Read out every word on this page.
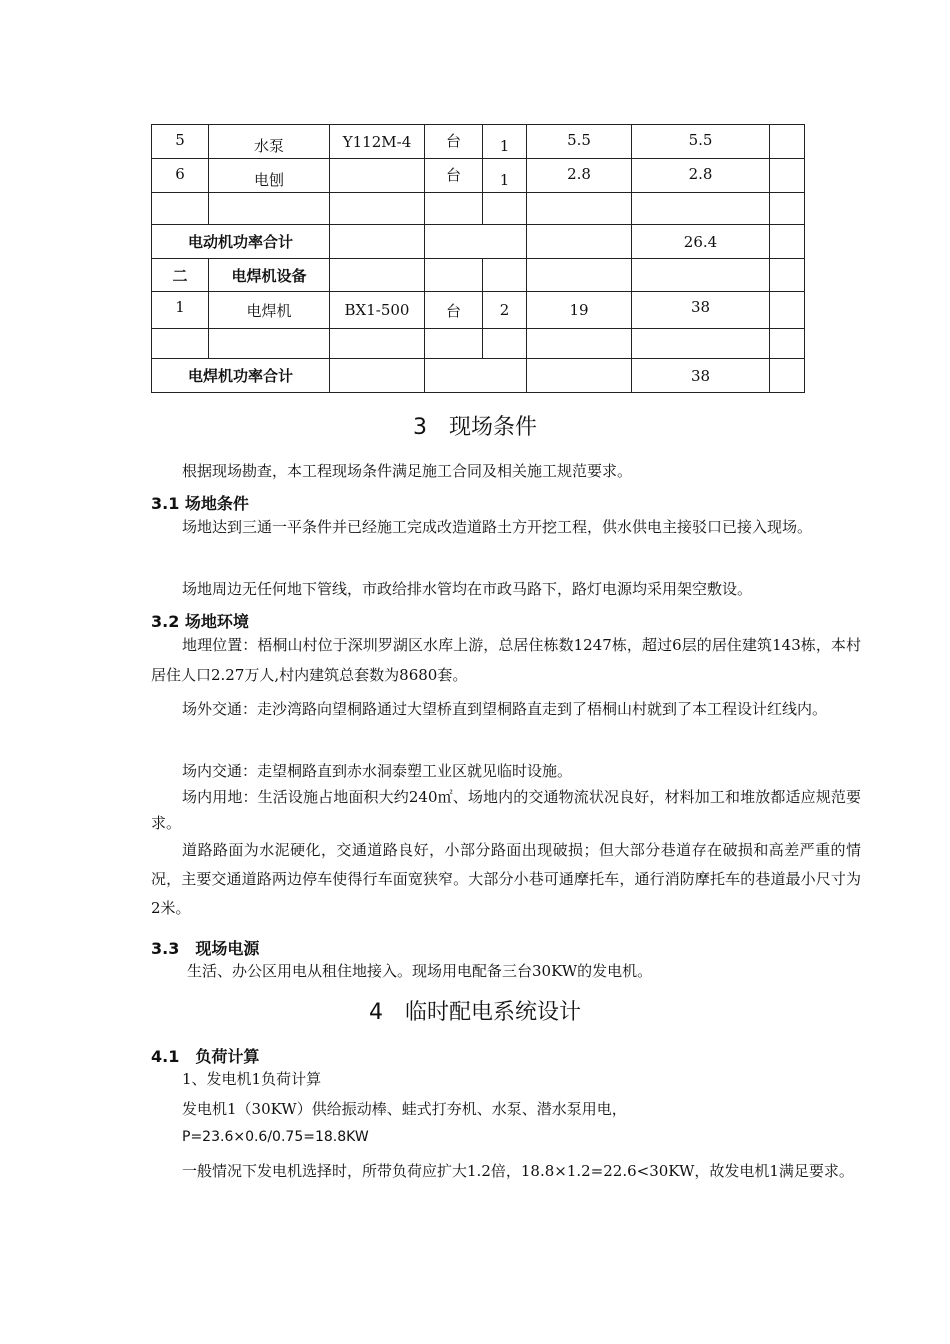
5	水泵	Y112M-4	台	1	5.5	5.5	
6	电刨		台	1	2.8	2.8	

电动机功率合计						26.4	
二	电焊机设备						
1	电焊机	BX1-500	台	2	19	38	

电焊机功率合计						38	
3　现场条件

根据现场勘查，本工程现场条件满足施工合同及相关施工规范要求。

3.1 场地条件

场地达到三通一平条件并已经施工完成改造道路土方开挖工程，供水供电主接驳口已接入现场。

场地周边无任何地下管线，市政给排水管均在市政马路下，路灯电源均采用架空敷设。

3.2 场地环境

地理位置：梧桐山村位于深圳罗湖区水库上游，总居住栋数1247栋，超过6层的居住建筑143栋，本村居住人口2.27万人,村内建筑总套数为8680套。

场外交通：走沙湾路向望桐路通过大望桥直到望桐路直走到了梧桐山村就到了本工程设计红线内。

场内交通：走望桐路直到赤水洞泰塑工业区就见临时设施。

场内用地：生活设施占地面积大约240㎡、场地内的交通物流状况良好，材料加工和堆放都适应规范要求。

道路路面为水泥硬化，交通道路良好，小部分路面出现破损；但大部分巷道存在破损和高差严重的情况，主要交通道路两边停车使得行车面宽狭窄。大部分小巷可通摩托车，通行消防摩托车的巷道最小尺寸为2米。

3.3　现场电源

生活、办公区用电从租住地接入。现场用电配备三台30KW的发电机。

4　临时配电系统设计
4.1　负荷计算
1、发电机1负荷计算
发电机1（30KW）供给振动棒、蛙式打夯机、水泵、潜水泵用电，
P=23.6×0.6/0.75=18.8KW

一般情况下发电机选择时，所带负荷应扩大1.2倍，18.8×1.2=22.6<30KW，故发电机1满足要求。
